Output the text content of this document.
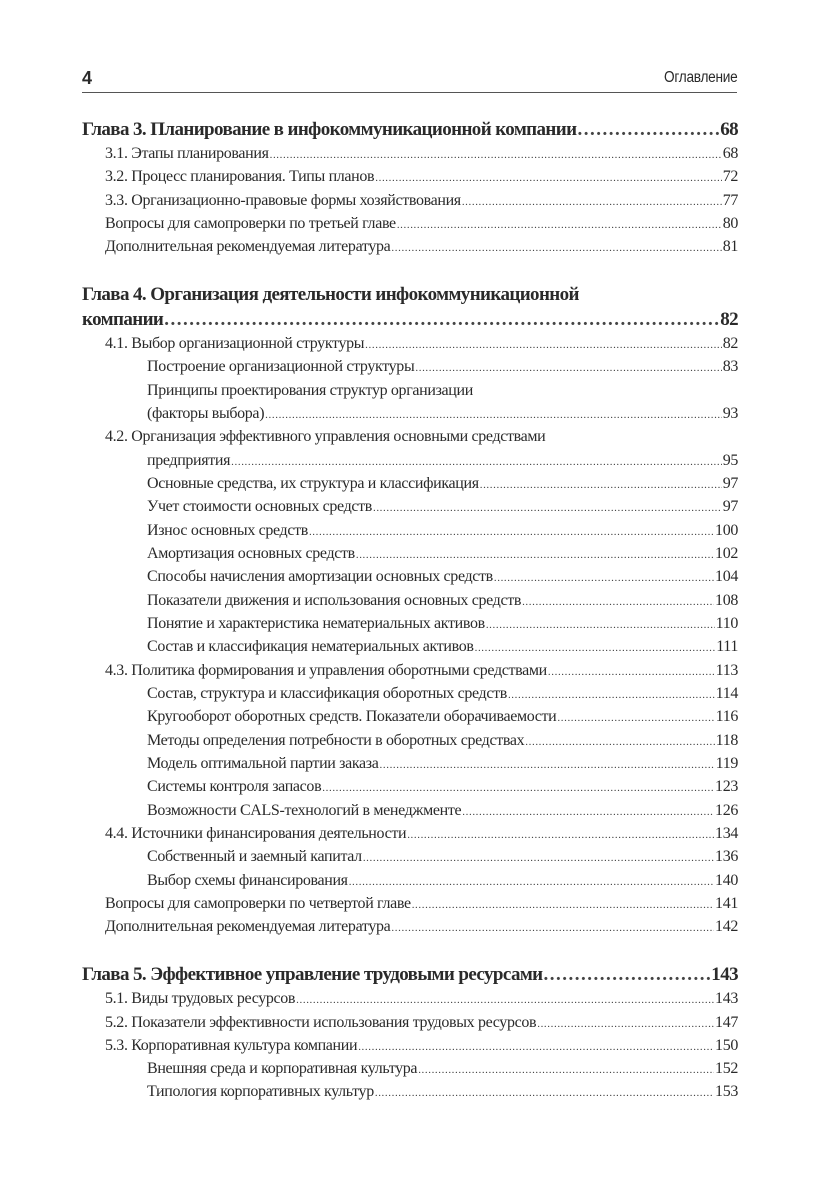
4	Оглавление
Глава 3. Планирование в инфокоммуникационной компании .....	68
3.1. Этапы планирования .....	68
3.2. Процесс планирования. Типы планов .....	72
3.3. Организационно-правовые формы хозяйствования .....	77
Вопросы для самопроверки по третьей главе .....	80
Дополнительная рекомендуемая литература .....	81
Глава 4. Организация деятельности инфокоммуникационной
компании .....	82
4.1. Выбор организационной структуры .....	82
Построение организационной структуры .....	83
Принципы проектирования структур организации
(факторы выбора) .....	93
4.2. Организация эффективного управления основными средствами
предприятия .....	95
Основные средства, их структура и классификация .....	97
Учет стоимости основных средств .....	97
Износ основных средств .....	100
Амортизация основных средств .....	102
Способы начисления амортизации основных средств .....	104
Показатели движения и использования основных средств .....	108
Понятие и характеристика нематериальных активов .....	110
Состав и классификация нематериальных активов .....	111
4.3. Политика формирования и управления оборотными средствами .....	113
Состав, структура и классификация оборотных средств .....	114
Кругооборот оборотных средств. Показатели оборачиваемости .....	116
Методы определения потребности в оборотных средствах .....	118
Модель оптимальной партии заказа .....	119
Системы контроля запасов .....	123
Возможности CALS-технологий в менеджменте .....	126
4.4. Источники финансирования деятельности .....	134
Собственный и заемный капитал .....	136
Выбор схемы финансирования .....	140
Вопросы для самопроверки по четвертой главе .....	141
Дополнительная рекомендуемая литература .....	142
Глава 5. Эффективное управление трудовыми ресурсами .....	143
5.1. Виды трудовых ресурсов .....	143
5.2. Показатели эффективности использования трудовых ресурсов .....	147
5.3. Корпоративная культура компании .....	150
Внешняя среда и корпоративная культура .....	152
Типология корпоративных культур .....	153
